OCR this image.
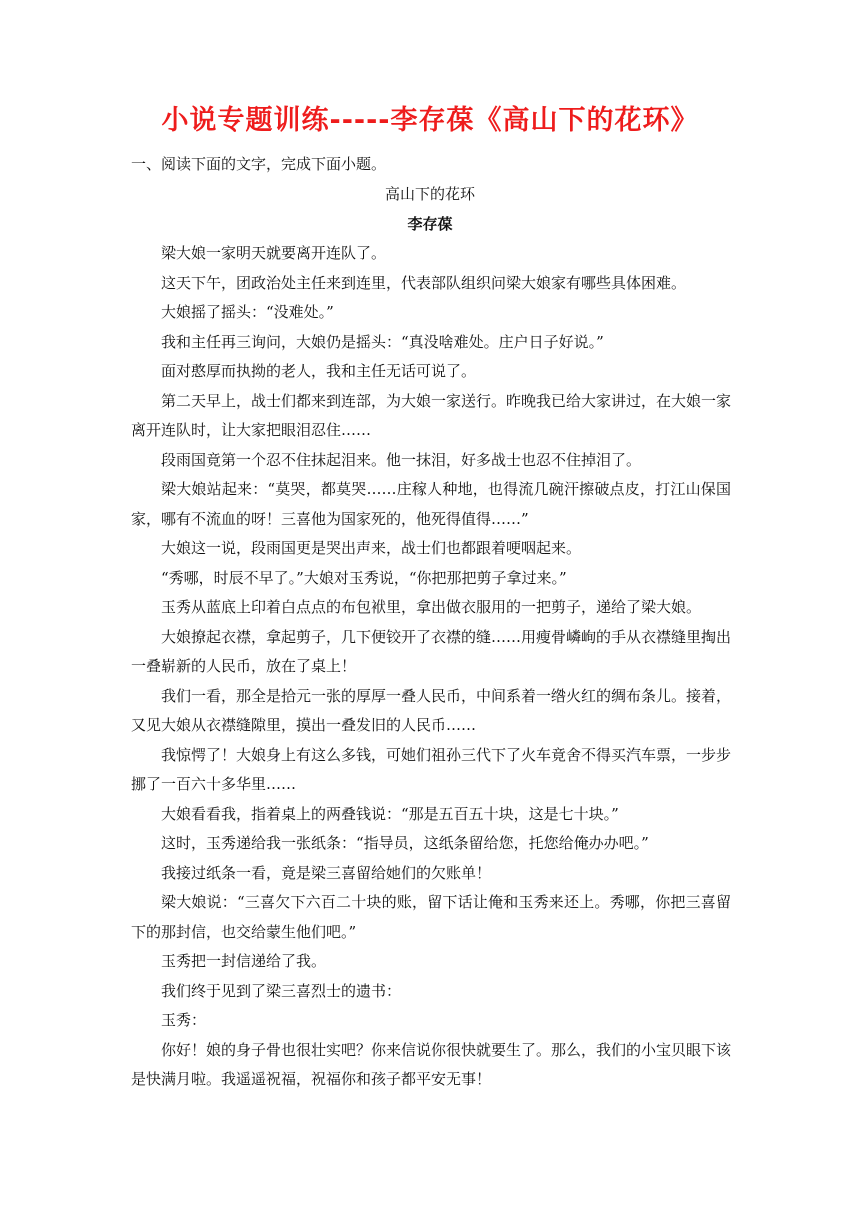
小说专题训练-----李存葆《高山下的花环》
一、阅读下面的文字，完成下面小题。
高山下的花环
李存葆

梁大娘一家明天就要离开连队了。

这天下午，团政治处主任来到连里，代表部队组织问梁大娘家有哪些具体困难。

大娘摇了摇头：“没难处。”

我和主任再三询问，大娘仍是摇头：“真没啥难处。庄户日子好说。”

面对憨厚而执拗的老人，我和主任无话可说了。

第二天早上，战士们都来到连部，为大娘一家送行。昨晚我已给大家讲过，在大娘一家离开连队时，让大家把眼泪忍住……

段雨国竟第一个忍不住抹起泪来。他一抹泪，好多战士也忍不住掉泪了。

梁大娘站起来：“莫哭，都莫哭……庄稼人种地，也得流几碗汗擦破点皮，打江山保国家，哪有不流血的呀！三喜他为国家死的，他死得值得……”

大娘这一说，段雨国更是哭出声来，战士们也都跟着哽咽起来。

“秀哪，时辰不早了。”大娘对玉秀说，“你把那把剪子拿过来。”

玉秀从蓝底上印着白点点的布包袱里，拿出做衣服用的一把剪子，递给了梁大娘。

大娘撩起衣襟，拿起剪子，几下便铰开了衣襟的缝……用瘦骨嶙峋的手从衣襟缝里掏出一叠崭新的人民币，放在了桌上！

我们一看，那全是拾元一张的厚厚一叠人民币，中间系着一绺火红的绸布条儿。接着，又见大娘从衣襟缝隙里，摸出一叠发旧的人民币……

我惊愕了！大娘身上有这么多钱，可她们祖孙三代下了火车竟舍不得买汽车票，一步步挪了一百六十多华里……

大娘看看我，指着桌上的两叠钱说：“那是五百五十块，这是七十块。”

这时，玉秀递给我一张纸条：“指导员，这纸条留给您，托您给俺办办吧。”

我接过纸条一看，竟是梁三喜留给她们的欠账单！

梁大娘说：“三喜欠下六百二十块的账，留下话让俺和玉秀来还上。秀哪，你把三喜留下的那封信，也交给蒙生他们吧。”

玉秀把一封信递给了我。

我们终于见到了梁三喜烈士的遗书：

玉秀：

你好！娘的身子骨也很壮实吧？你来信说你很快就要生了。那么，我们的小宝贝眼下该是快满月啦。我遥遥祝福，祝福你和孩子都平安无事！
